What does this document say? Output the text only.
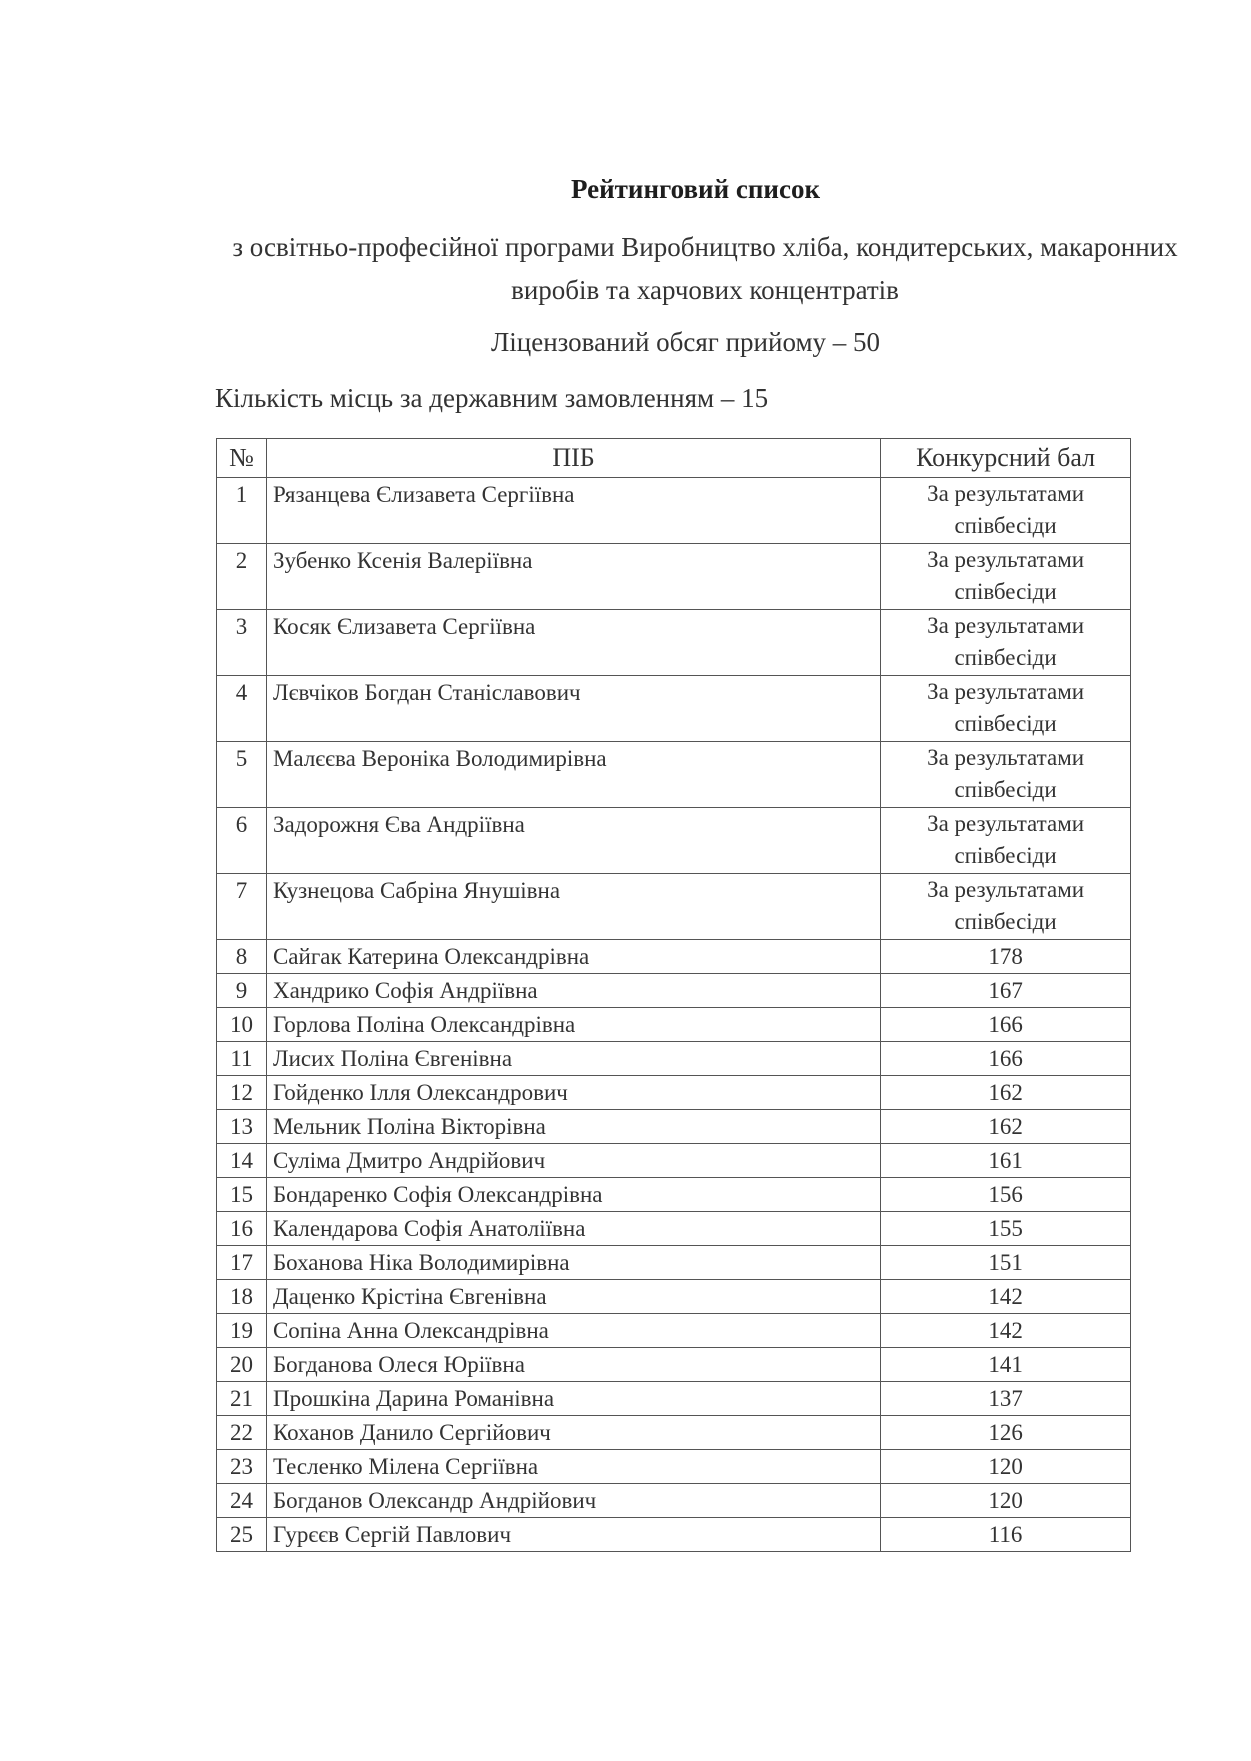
Рейтинговий список
з освітньо-професійної програми Виробництво хліба, кондитерських, макаронних виробів та харчових концентратів
Ліцензований обсяг прийому – 50
Кількість місць за державним замовленням – 15
№	ПІБ	Конкурсний бал
1	Рязанцева Єлизавета Сергіївна	За результатами співбесіди
2	Зубенко Ксенія Валеріївна	За результатами співбесіди
3	Косяк Єлизавета Сергіївна	За результатами співбесіди
4	Лєвчіков Богдан Станіславович	За результатами співбесіди
5	Малєєва Вероніка Володимирівна	За результатами співбесіди
6	Задорожня Єва Андріївна	За результатами співбесіди
7	Кузнецова Сабріна Янушівна	За результатами співбесіди
8	Сайгак Катерина Олександрівна	178
9	Хандрико Софія Андріївна	167
10	Горлова Поліна Олександрівна	166
11	Лисих Поліна Євгенівна	166
12	Гойденко Ілля Олександрович	162
13	Мельник Поліна Вікторівна	162
14	Суліма Дмитро Андрійович	161
15	Бондаренко Софія Олександрівна	156
16	Календарова Софія Анатоліївна	155
17	Боханова Ніка Володимирівна	151
18	Даценко Крістіна Євгенівна	142
19	Сопіна Анна Олександрівна	142
20	Богданова Олеся Юріївна	141
21	Прошкіна Дарина Романівна	137
22	Коханов Данило Сергійович	126
23	Тесленко Мілена Сергіївна	120
24	Богданов Олександр Андрійович	120
25	Гурєєв Сергій Павлович	116
